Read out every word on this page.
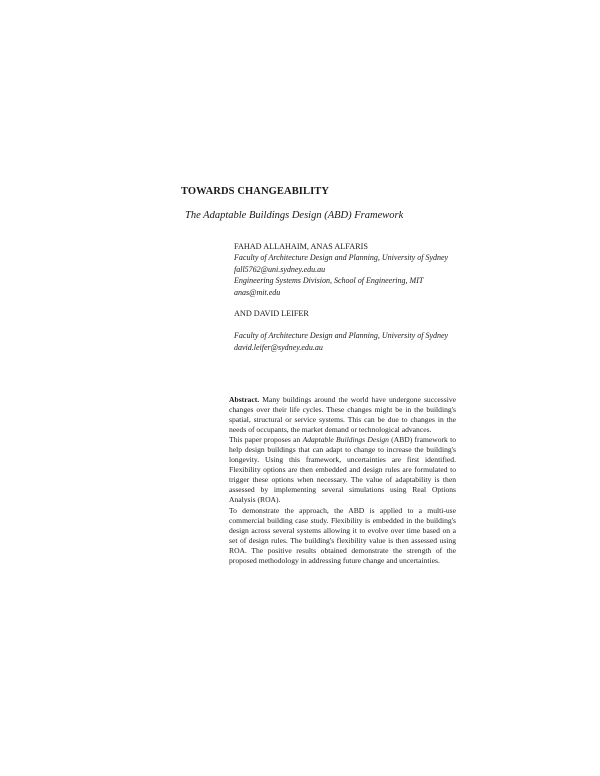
TOWARDS CHANGEABILITY
The Adaptable Buildings Design (ABD) Framework
FAHAD ALLAHAIM, ANAS ALFARIS
Faculty of Architecture Design and Planning, University of Sydney
fall5762@uni.sydney.edu.au
Engineering Systems Division, School of Engineering, MIT
anas@mit.edu
AND DAVID LEIFER
Faculty of Architecture Design and Planning, University of Sydney
david.leifer@sydney.edu.au

Abstract. Many buildings around the world have undergone successive changes over their life cycles. These changes might be in the building's spatial, structural or service systems. This can be due to changes in the needs of occupants, the market demand or technological advances.

This paper proposes an Adaptable Buildings Design (ABD) framework to help design buildings that can adapt to change to increase the building's longevity. Using this framework, uncertainties are first identified. Flexibility options are then embedded and design rules are formulated to trigger these options when necessary. The value of adaptability is then assessed by implementing several simulations using Real Options Analysis (ROA).

To demonstrate the approach, the ABD is applied to a multi-use commercial building case study. Flexibility is embedded in the building's design across several systems allowing it to evolve over time based on a set of design rules. The building's flexibility value is then assessed using ROA. The positive results obtained demonstrate the strength of the proposed methodology in addressing future change and uncertainties.
